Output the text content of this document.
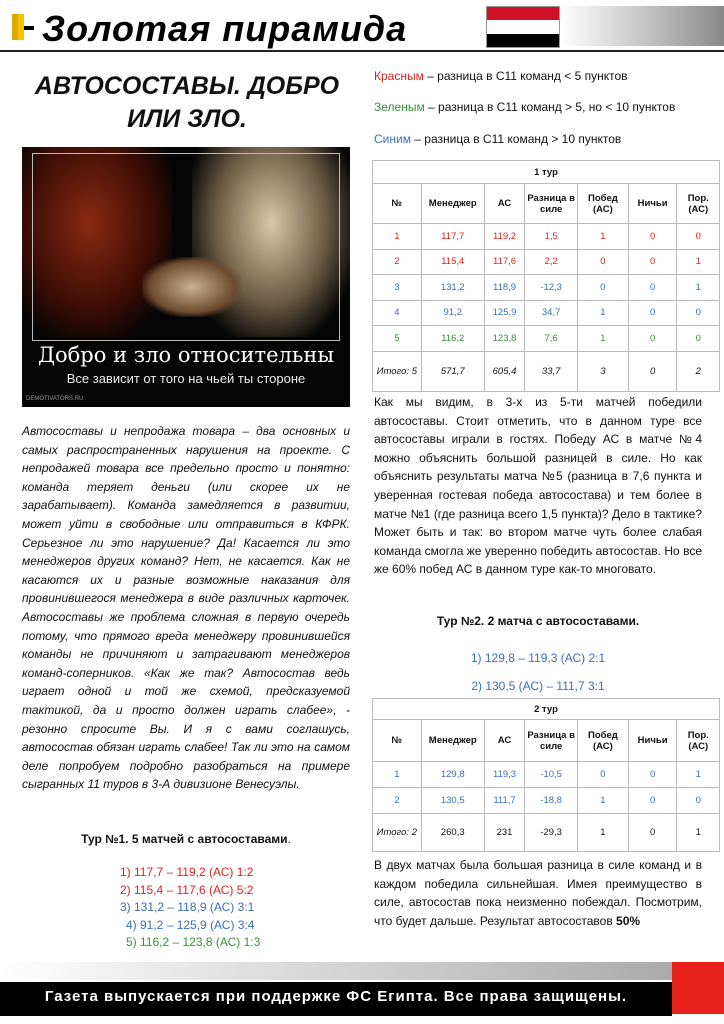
Золотая пирамида
АВТОСОСТАВЫ. ДОБРО ИЛИ ЗЛО.
Добро и зло относительны
Все зависит от того на чьей ты стороне
DEMOTIVATORS.RU
Автосоставы и непродажа товара – два основных и самых распространенных нарушения на проекте. С непродажей товара все предельно просто и понятно: команда теряет деньги (или скорее их не зарабатывает). Команда замедляется в развитии, может уйти в свободные или отправиться в КФРК. Серьезное ли это нарушение? Да! Касается ли это менеджеров других команд? Нет, не касается. Как не касаются их и разные возможные наказания для провинившегося менеджера в виде различных карточек. Автосоставы же проблема сложная в первую очередь потому, что прямого вреда менеджеру провинившейся команды не причиняют и затрагивают менеджеров команд-соперников. «Как же так? Автосостав ведь играет одной и той же схемой, предсказуемой тактикой, да и просто должен играть слабее», - резонно спросите Вы. И я с вами соглашусь, автосостав обязан играть слабее! Так ли это на самом деле попробуем подробно разобраться на примере сыгранных 11 туров в 3-А дивизионе Венесуэлы.
Тур №1. 5 матчей с автосоставами.
1) 117,7 – 119,2 (АС) 1:2
2) 115,4 – 117,6 (АС) 5:2
3) 131,2 – 118,9 (АС) 3:1
4) 91,2 – 125,9 (АС) 3:4
5) 116,2 – 123,8 (АС) 1:3
Красным – разница в С11 команд < 5 пунктов
Зеленым – разница в С11 команд > 5, но < 10 пунктов
Синим – разница в С11 команд > 10 пунктов
1 тур						
№	Менеджер	АС	Разница в силе	Побед (АС)	Ничьи	Пор. (АС)
1	117,7	119,2	1,5	1	0	0
2	115,4	117,6	2,2	0	0	1
3	131,2	118,9	-12,3	0	0	1
4	91,2	125,9	34,7	1	0	0
5	116,2	123,8	7,6	1	0	0
Итого: 5	571,7	605,4	33,7	3	0	2
Как мы видим, в 3-х из 5-ти матчей победили автосоставы. Стоит отметить, что в данном туре все автосоставы играли в гостях. Победу АС в матче №4 можно объяснить большой разницей в силе. Но как объяснить результаты матча №5 (разница в 7,6 пункта и уверенная гостевая победа автосостава) и тем более в матче №1 (где разница всего 1,5 пункта)? Дело в тактике? Может быть и так: во втором матче чуть более слабая команда смогла же уверенно победить автосостав. Но все же 60% побед АС в данном туре как-то многовато.
Тур №2. 2 матча с автосоставами.
1) 129,8 – 119,3 (АС) 2:1
2) 130,5 (АС) – 111,7 3:1
2 тур						
№	Менеджер	АС	Разница в силе	Побед (АС)	Ничьи	Пор. (АС)
1	129,8	119,3	-10,5	0	0	1
2	130,5	111,7	-18,8	1	0	0
Итого: 2	260,3	231	-29,3	1	0	1
В двух матчах была большая разница в силе команд и в каждом победила сильнейшая. Имея преимущество в силе, автосостав пока неизменно побеждал. Посмотрим, что будет дальше. Результат автосоставов 50%
Газета выпускается при поддержке ФС Египта. Все права защищены.
